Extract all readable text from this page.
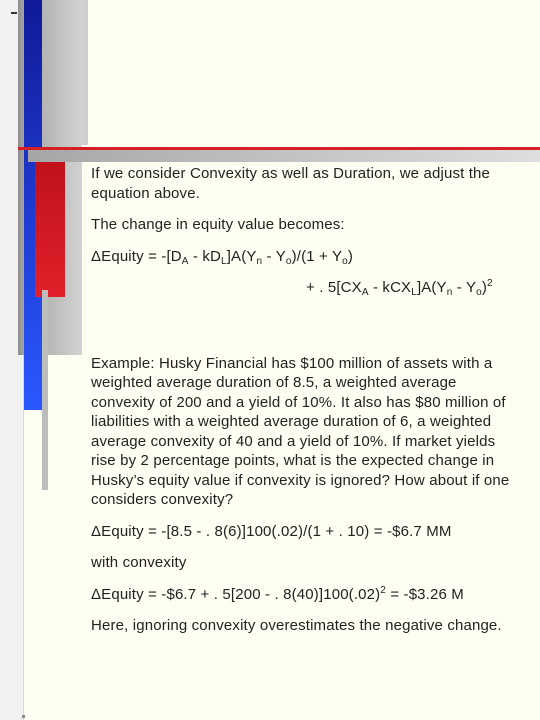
If we consider Convexity as well as Duration, we adjust the
equation above.

The change in equity value becomes:

ΔEquity = $-[D_A - kD_L]A(Y_n - Y_o)/(1 + Y_o)$

+ . $5[CX_A - kCX_L]A(Y_n - Y_o)^2$

Example: Husky Financial has $100 million of assets with a
weighted average duration of 8.5, a weighted average
convexity of 200 and a yield of 10%. It also has $80 million of
liabilities with a weighted average duration of 6, a weighted
average convexity of 40 and a yield of 10%. If market yields
rise by 2 percentage points, what is the expected change in
Husky’s equity value if convexity is ignored? How about if one
considers convexity?

ΔEquity = -[8.5 - . 8(6)]100(.02)/(1 + . 10) = -$6.7 MM

with convexity

ΔEquity = -$6.7 + . 5[200 - . $8(40)]100(.02)^2$ = -$3.26 M

Here, ignoring convexity overestimates the negative change.
